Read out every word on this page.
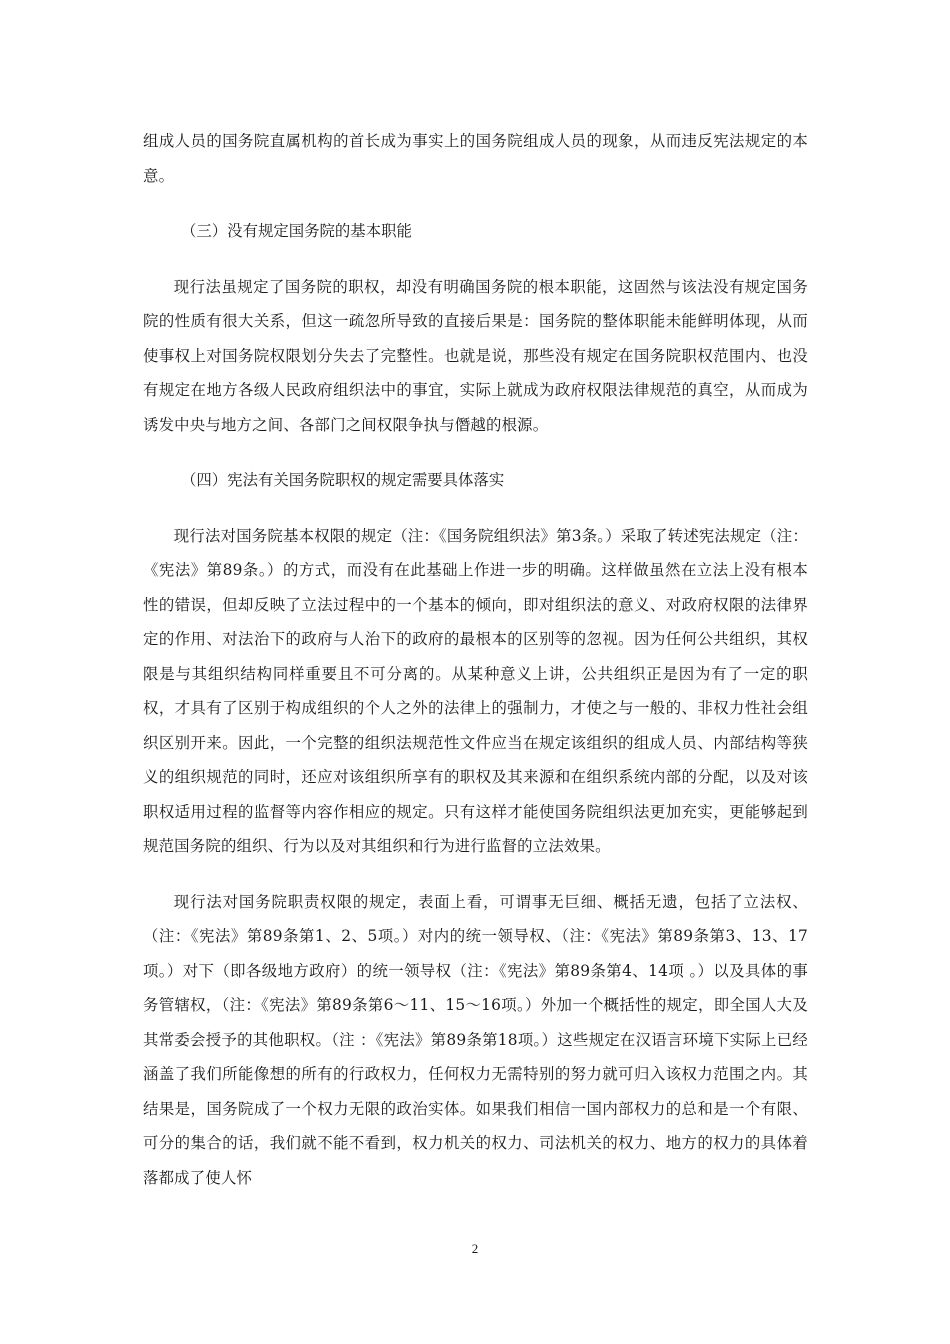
组成人员的国务院直属机构的首长成为事实上的国务院组成人员的现象，从而违反宪法规定的本意。

（三）没有规定国务院的基本职能

现行法虽规定了国务院的职权，却没有明确国务院的根本职能，这固然与该法没有规定国务院的性质有很大关系，但这一疏忽所导致的直接后果是：国务院的整体职能未能鲜明体现，从而使事权上对国务院权限划分失去了完整性。也就是说，那些没有规定在国务院职权范围内、也没有规定在地方各级人民政府组织法中的事宜，实际上就成为政府权限法律规范的真空，从而成为诱发中央与地方之间、各部门之间权限争执与僭越的根源。

（四）宪法有关国务院职权的规定需要具体落实

现行法对国务院基本权限的规定（注：《国务院组织法》第3条。）采取了转述宪法规定（注：《宪法》第89条。）的方式，而没有在此基础上作进一步的明确。这样做虽然在立法上没有根本性的错误，但却反映了立法过程中的一个基本的倾向，即对组织法的意义、对政府权限的法律界定的作用、对法治下的政府与人治下的政府的最根本的区别等的忽视。因为任何公共组织，其权限是与其组织结构同样重要且不可分离的。从某种意义上讲，公共组织正是因为有了一定的职权，才具有了区别于构成组织的个人之外的法律上的强制力，才使之与一般的、非权力性社会组织区别开来。因此，一个完整的组织法规范性文件应当在规定该组织的组成人员、内部结构等狭义的组织规范的同时，还应对该组织所享有的职权及其来源和在组织系统内部的分配，以及对该职权适用过程的监督等内容作相应的规定。只有这样才能使国务院组织法更加充实，更能够起到规范国务院的组织、行为以及对其组织和行为进行监督的立法效果。

现行法对国务院职责权限的规定，表面上看，可谓事无巨细、概括无遗，包括了立法权、（注：《宪法》第89条第1、2、5项。）对内的统一领导权、（注：《宪法》第89条第3、13、17项。）对下（即各级地方政府）的统一领导权（注：《宪法》第89条第4、14项 。）以及具体的事务管辖权，（注：《宪法》第89条第6～11、15～16项。）外加一个概括性的规定，即全国人大及其常委会授予的其他职权。（注 ：《宪法》第89条第18项。）这些规定在汉语言环境下实际上已经涵盖了我们所能像想的所有的行政权力，任何权力无需特别的努力就可归入该权力范围之内。其结果是，国务院成了一个权力无限的政治实体。如果我们相信一国内部权力的总和是一个有限、可分的集合的话，我们就不能不看到，权力机关的权力、司法机关的权力、地方的权力的具体着落都成了使人怀

2
